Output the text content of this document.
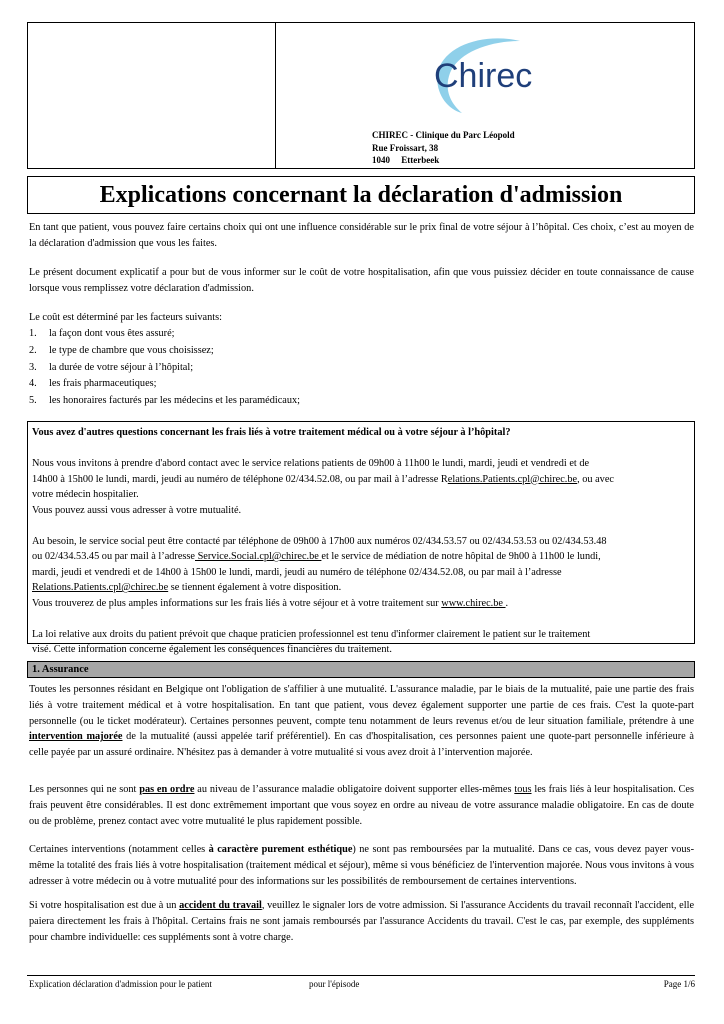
Chirec
CHIREC - Clinique du Parc Léopold
Rue Froissart, 38
1040     Etterbeek
Explications concernant la déclaration d'admission
En tant que patient, vous pouvez faire certains choix qui ont une influence considérable sur le prix final de votre séjour à l’hôpital. Ces choix, c’est au moyen de la déclaration d'admission que vous les faites.
Le présent document explicatif a pour but de vous informer sur le coût de votre hospitalisation, afin que vous puissiez décider en toute connaissance de cause lorsque vous remplissez votre déclaration d'admission.
Le coût est déterminé par les facteurs suivants:
1.	la façon dont vous êtes assuré;
2.	le type de chambre que vous choisissez;
3.	la durée de votre séjour à l’hôpital;
4.	les frais pharmaceutiques;
5.	les honoraires facturés par les médecins et les paramédicaux;
Vous avez d'autres questions concernant les frais liés à votre traitement médical ou à votre séjour à l’hôpital?

Nous vous invitons à prendre d'abord contact avec le service relations patients de 09h00 à 11h00 le lundi, mardi, jeudi et vendredi et de
14h00 à 15h00 le lundi, mardi, jeudi au numéro de téléphone 02/434.52.08, ou par mail à l’adresse Relations.Patients.cpl@chirec.be, ou avec
votre médecin hospitalier.
Vous pouvez aussi vous adresser à votre mutualité.

Au besoin, le service social peut être contacté par téléphone de 09h00 à 17h00 aux numéros 02/434.53.57 ou 02/434.53.53 ou 02/434.53.48
ou 02/434.53.45 ou par mail à l’adresse Service.Social.cpl@chirec.be et le service de médiation de notre hôpital de 9h00 à 11h00 le lundi,
mardi, jeudi et vendredi et de 14h00 à 15h00 le lundi, mardi, jeudi au numéro de téléphone 02/434.52.08, ou par mail à l’adresse
Relations.Patients.cpl@chirec.be se tiennent également à votre disposition.
Vous trouverez de plus amples informations sur les frais liés à votre séjour et à votre traitement sur www.chirec.be .

La loi relative aux droits du patient prévoit que chaque praticien professionnel est tenu d'informer clairement le patient sur le traitement
visé. Cette information concerne également les conséquences financières du traitement.
1. Assurance
Toutes les personnes résidant en Belgique ont l'obligation de s'affilier à une mutualité. L'assurance maladie, par le biais de la mutualité, paie une partie des frais liés à votre traitement médical et à votre hospitalisation. En tant que patient, vous devez également supporter une partie de ces frais. C'est la quote-part personnelle (ou le ticket modérateur). Certaines personnes peuvent, compte tenu notamment de leurs revenus et/ou de leur situation familiale, prétendre à une intervention majorée de la mutualité (aussi appelée tarif préférentiel). En cas d'hospitalisation, ces personnes paient une quote-part personnelle inférieure à celle payée par un assuré ordinaire. N'hésitez pas à demander à votre mutualité si vous avez droit à l’intervention majorée.
Les personnes qui ne sont pas en ordre au niveau de l’assurance maladie obligatoire doivent supporter elles-mêmes tous les frais liés à leur hospitalisation. Ces frais peuvent être considérables. Il est donc extrêmement important que vous soyez en ordre au niveau de votre assurance maladie obligatoire. En cas de doute ou de problème, prenez contact avec votre mutualité le plus rapidement possible.
Certaines interventions (notamment celles à caractère purement esthétique) ne sont pas remboursées par la mutualité. Dans ce cas, vous devez payer vous-même la totalité des frais liés à votre hospitalisation (traitement médical et séjour), même si vous bénéficiez de l'intervention majorée. Nous vous invitons à vous adresser à votre médecin ou à votre mutualité pour des informations sur les possibilités de remboursement de certaines interventions.
Si votre hospitalisation est due à un accident du travail, veuillez le signaler lors de votre admission. Si l'assurance Accidents du travail reconnaît l'accident, elle paiera directement les frais à l'hôpital. Certains frais ne sont jamais remboursés par l'assurance Accidents du travail. C'est le cas, par exemple, des suppléments pour chambre individuelle: ces suppléments sont à votre charge.
Explication déclaration d'admission pour le patient	pour l'épisode	Page 1/6
